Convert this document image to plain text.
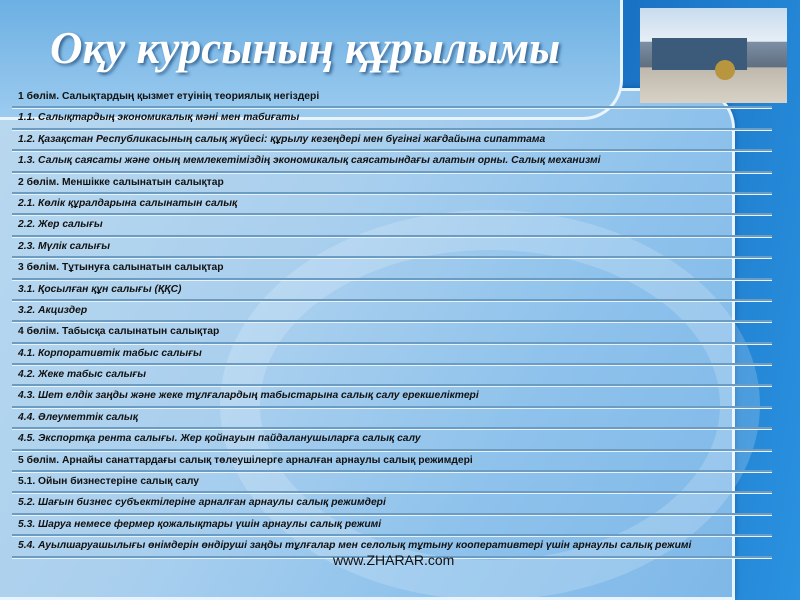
Оқу курсының құрылымы
1 бөлім. Салықтардың қызмет етуінің теориялық негіздері
1.1. Салықтардың экономикалық мәні мен табиғаты
1.2. Қазақстан Республикасының салық жүйесі: құрылу кезеңдері мен бүгінгі жағдайына сипаттама
1.3. Салық саясаты және оның мемлекетіміздің экономикалық саясатындағы алатын орны. Салық механизмі
2 бөлім. Меншікке салынатын салықтар
2.1. Көлік құралдарына салынатын салық
2.2. Жер салығы
2.3. Мүлік салығы
3 бөлім. Тұтынуға салынатын салықтар
3.1. Қосылған құн салығы (ҚҚС)
3.2. Акциздер
4 бөлім. Табысқа салынатын салықтар
4.1. Корпоративтік табыс салығы
4.2. Жеке табыс салығы
4.3. Шет елдік заңды және жеке тұлғалардың табыстарына салық салу ерекшеліктері
4.4. Әлеуметтік салық
4.5. Экспортқа рента салығы. Жер қойнауын пайдаланушыларға салық салу
5 бөлім. Арнайы санаттардағы салық төлеушілерге арналған арнаулы салық режимдері
5.1. Ойын бизнестеріне салық салу
5.2. Шағын бизнес субъектілеріне арналған арнаулы салық режимдері
5.3. Шаруа немесе фермер қожалықтары үшін арнаулы салық режимі
5.4. Ауылшаруашылығы өнімдерін өндіруші заңды тұлғалар мен селолық тұтыну кооперативтері үшін арнаулы салық режимі
www.ZHARAR.com
